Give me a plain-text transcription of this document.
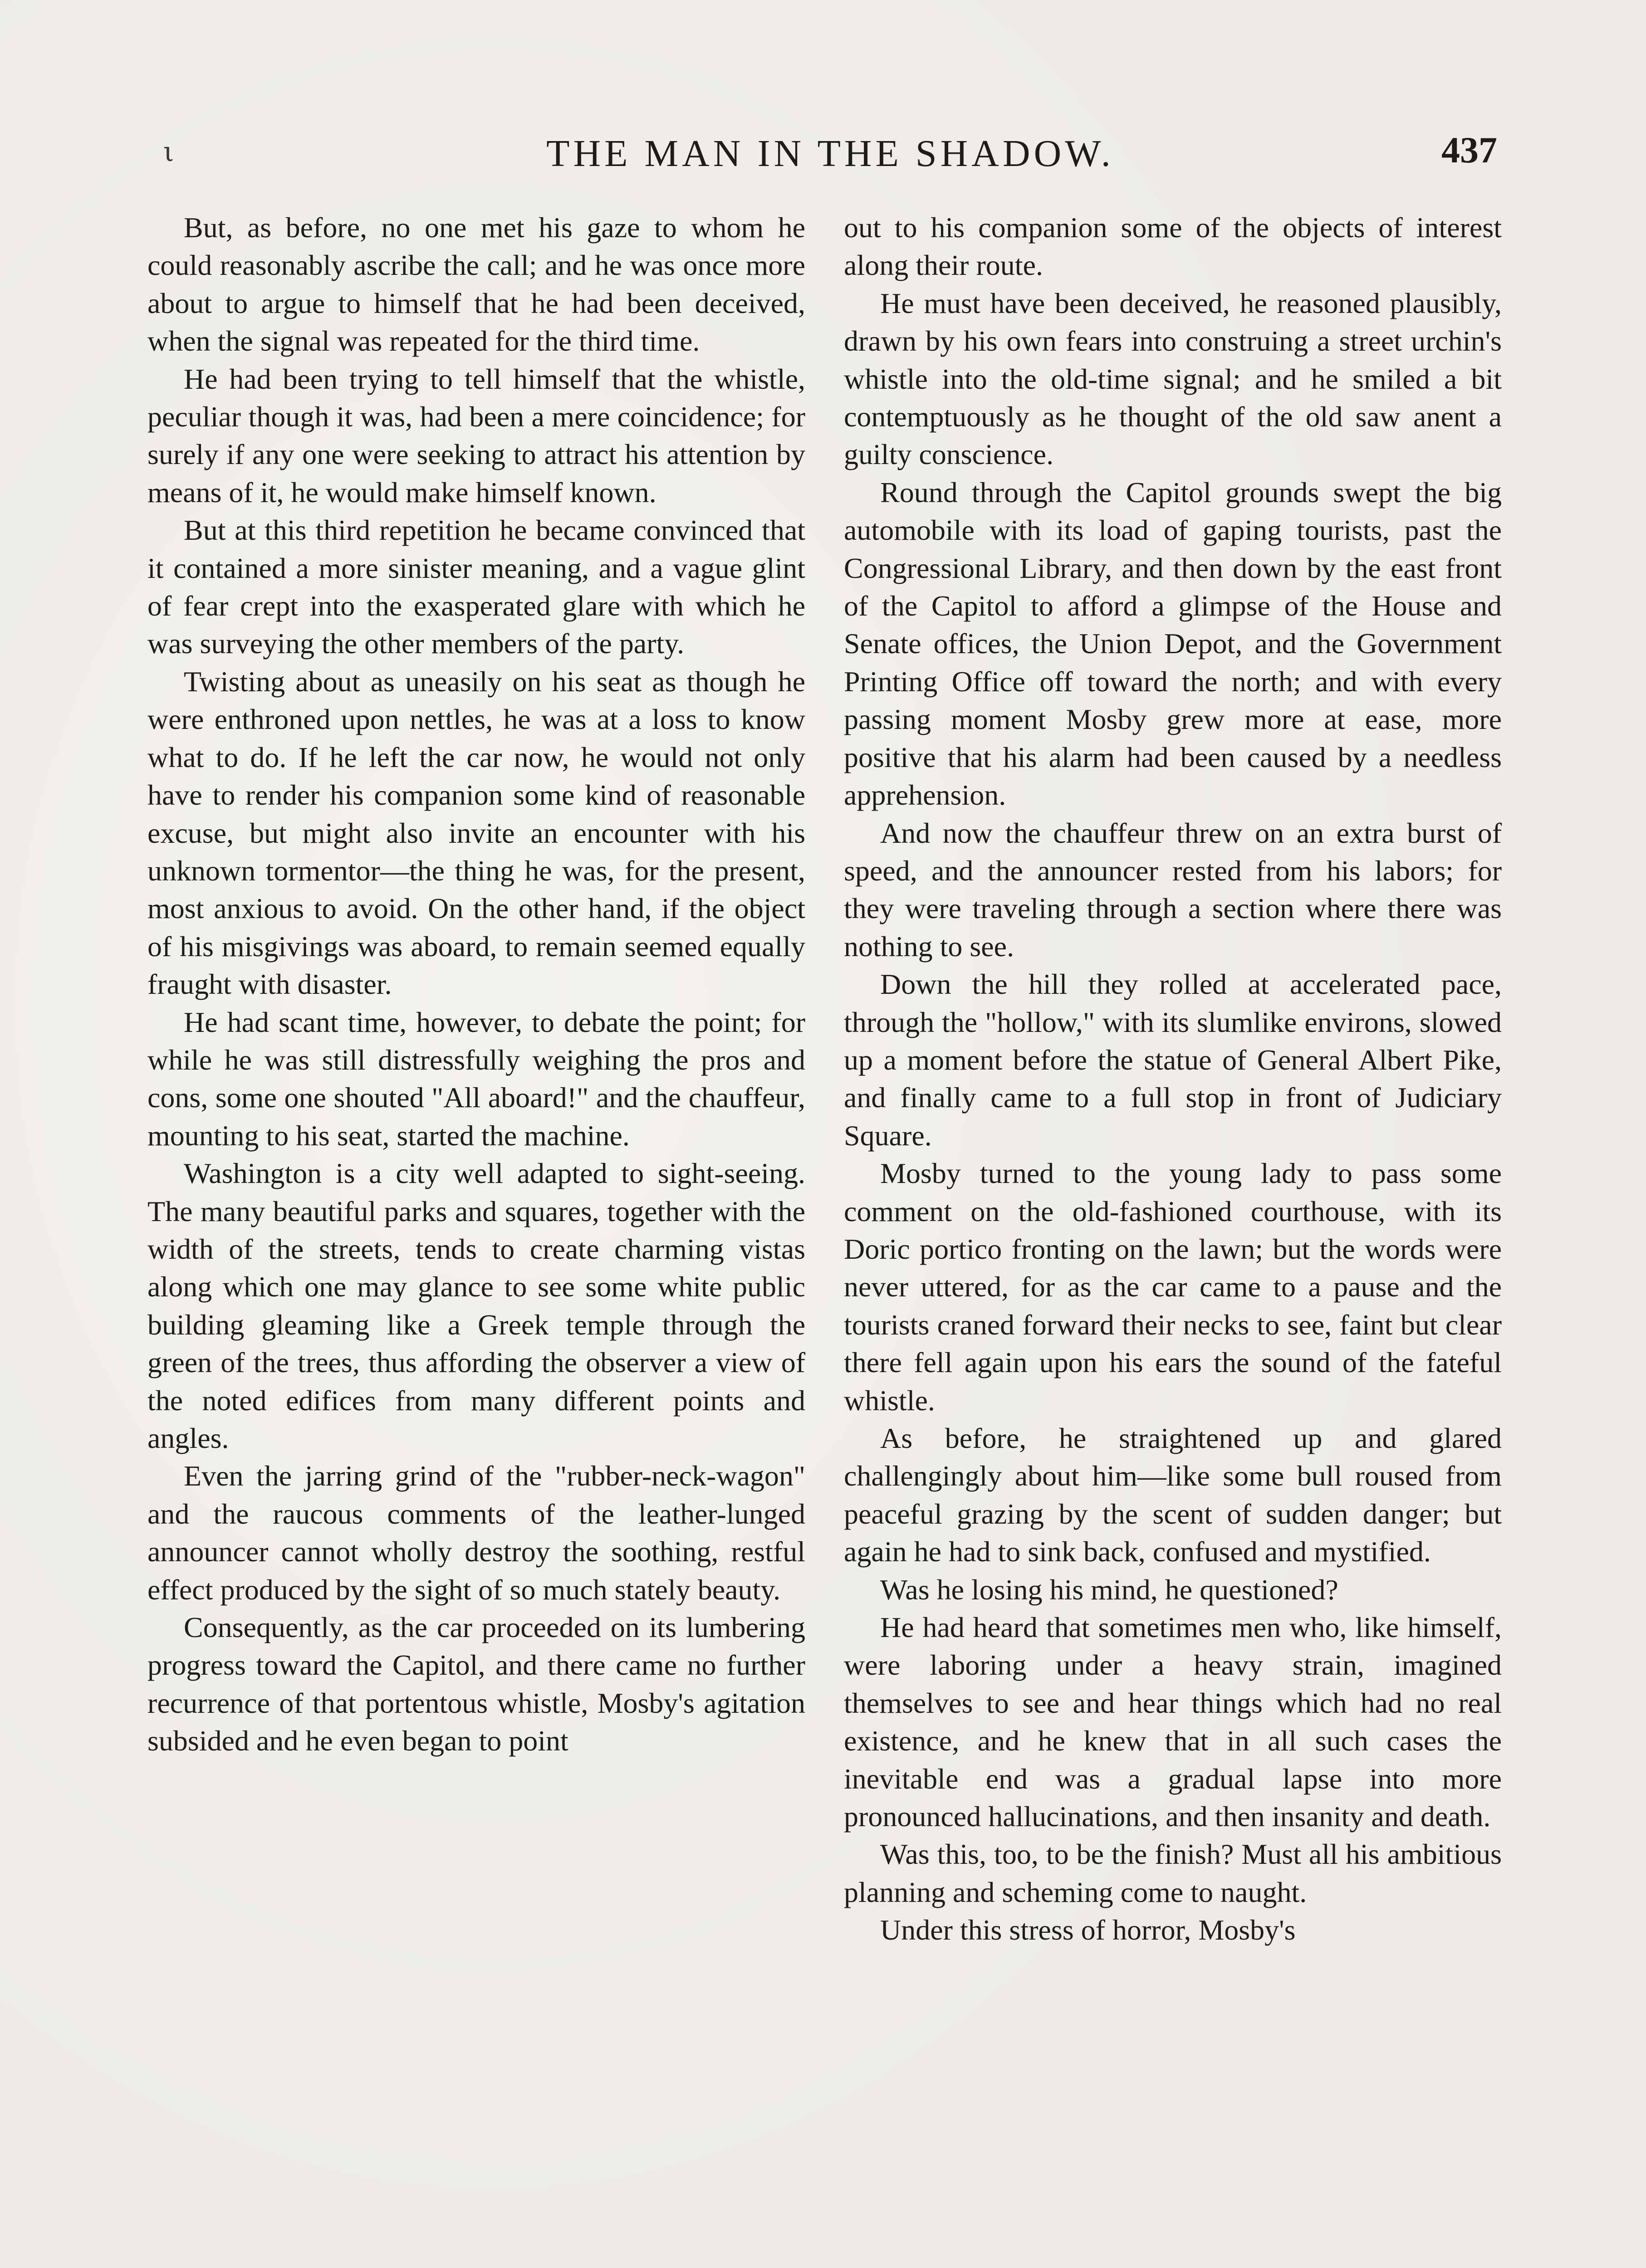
ι	THE MAN IN THE SHADOW.	437

But, as before, no one met his gaze to whom he could reasonably ascribe the call; and he was once more about to argue to himself that he had been deceived, when the signal was repeated for the third time.

He had been trying to tell himself that the whistle, peculiar though it was, had been a mere coincidence; for surely if any one were seeking to attract his attention by means of it, he would make himself known.

But at this third repetition he became convinced that it contained a more sinister meaning, and a vague glint of fear crept into the exasperated glare with which he was surveying the other members of the party.

Twisting about as uneasily on his seat as though he were enthroned upon nettles, he was at a loss to know what to do. If he left the car now, he would not only have to render his companion some kind of reasonable excuse, but might also invite an encounter with his unknown tormentor—the thing he was, for the present, most anxious to avoid. On the other hand, if the object of his misgivings was aboard, to remain seemed equally fraught with disaster.

He had scant time, however, to debate the point; for while he was still distressfully weighing the pros and cons, some one shouted "All aboard!" and the chauffeur, mounting to his seat, started the machine.

Washington is a city well adapted to sight-seeing. The many beautiful parks and squares, together with the width of the streets, tends to create charming vistas along which one may glance to see some white public building gleaming like a Greek temple through the green of the trees, thus affording the observer a view of the noted edifices from many different points and angles.

Even the jarring grind of the "rubber-neck-wagon" and the raucous comments of the leather-lunged announcer cannot wholly destroy the soothing, restful effect produced by the sight of so much stately beauty.

Consequently, as the car proceeded on its lumbering progress toward the Capitol, and there came no further recurrence of that portentous whistle, Mosby's agitation subsided and he even began to point

out to his companion some of the objects of interest along their route.

He must have been deceived, he reasoned plausibly, drawn by his own fears into construing a street urchin's whistle into the old-time signal; and he smiled a bit contemptuously as he thought of the old saw anent a guilty conscience.

Round through the Capitol grounds swept the big automobile with its load of gaping tourists, past the Congressional Library, and then down by the east front of the Capitol to afford a glimpse of the House and Senate offices, the Union Depot, and the Government Printing Office off toward the north; and with every passing moment Mosby grew more at ease, more positive that his alarm had been caused by a needless apprehension.

And now the chauffeur threw on an extra burst of speed, and the announcer rested from his labors; for they were traveling through a section where there was nothing to see.

Down the hill they rolled at accelerated pace, through the "hollow," with its slumlike environs, slowed up a moment before the statue of General Albert Pike, and finally came to a full stop in front of Judiciary Square.

Mosby turned to the young lady to pass some comment on the old-fashioned courthouse, with its Doric portico fronting on the lawn; but the words were never uttered, for as the car came to a pause and the tourists craned forward their necks to see, faint but clear there fell again upon his ears the sound of the fateful whistle.

As before, he straightened up and glared challengingly about him—like some bull roused from peaceful grazing by the scent of sudden danger; but again he had to sink back, confused and mystified.

Was he losing his mind, he questioned?

He had heard that sometimes men who, like himself, were laboring under a heavy strain, imagined themselves to see and hear things which had no real existence, and he knew that in all such cases the inevitable end was a gradual lapse into more pronounced hallucinations, and then insanity and death.

Was this, too, to be the finish? Must all his ambitious planning and scheming come to naught.

Under this stress of horror, Mosby's
